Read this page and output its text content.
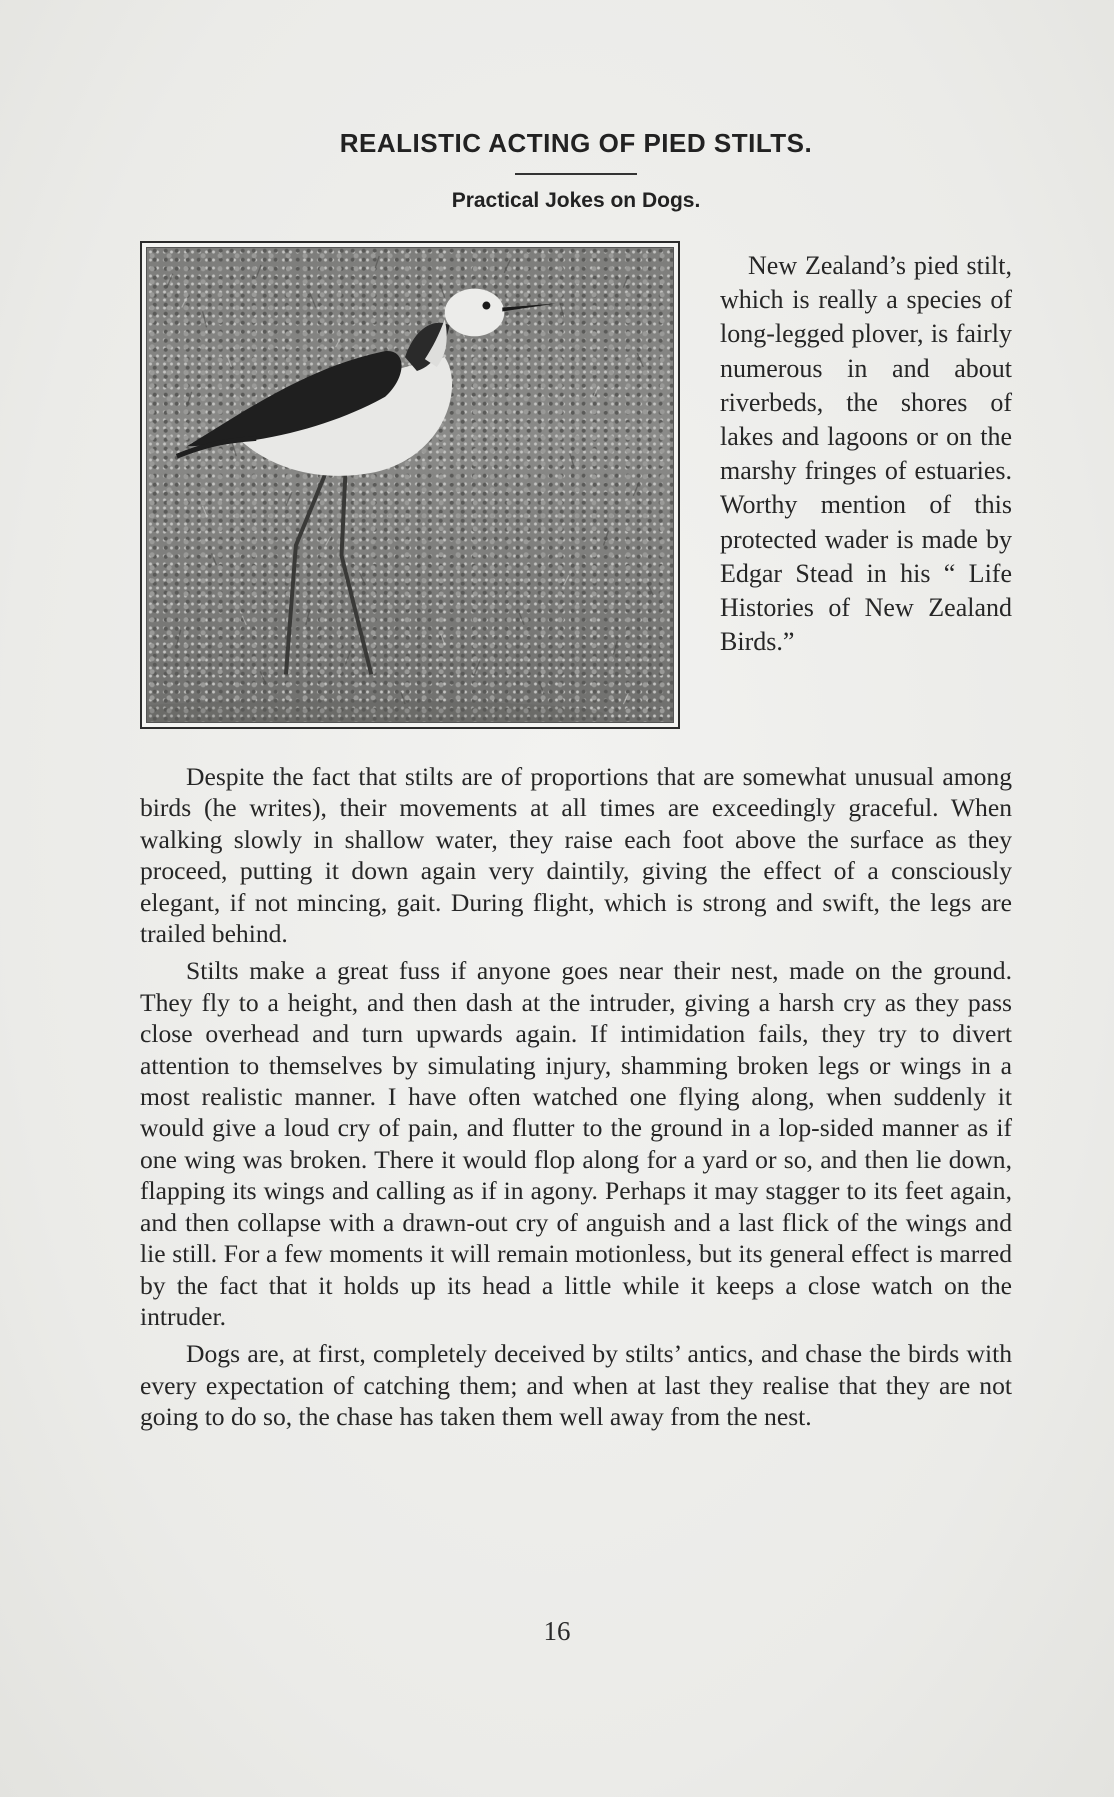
REALISTIC ACTING OF PIED STILTS.
Practical Jokes on Dogs.

New Zealand’s pied stilt, which is really a species of long-legged plover, is fairly numerous in and about riverbeds, the shores of lakes and lagoons or on the marshy fringes of estuaries. Worthy mention of this protected wader is made by Edgar Stead in his “ Life Histories of New Zealand Birds.”

Despite the fact that stilts are of proportions that are somewhat unusual among birds (he writes), their movements at all times are exceedingly graceful. When walking slowly in shallow water, they raise each foot above the surface as they proceed, putting it down again very daintily, giving the effect of a consciously elegant, if not mincing, gait. During flight, which is strong and swift, the legs are trailed behind.

Stilts make a great fuss if anyone goes near their nest, made on the ground. They fly to a height, and then dash at the intruder, giving a harsh cry as they pass close overhead and turn upwards again. If intimidation fails, they try to divert attention to themselves by simulating injury, shamming broken legs or wings in a most realistic manner. I have often watched one flying along, when suddenly it would give a loud cry of pain, and flutter to the ground in a lop-sided manner as if one wing was broken. There it would flop along for a yard or so, and then lie down, flapping its wings and calling as if in agony. Perhaps it may stagger to its feet again, and then collapse with a drawn-out cry of anguish and a last flick of the wings and lie still. For a few moments it will remain motionless, but its general effect is marred by the fact that it holds up its head a little while it keeps a close watch on the intruder.

Dogs are, at first, completely deceived by stilts’ antics, and chase the birds with every expectation of catching them; and when at last they realise that they are not going to do so, the chase has taken them well away from the nest.

16
